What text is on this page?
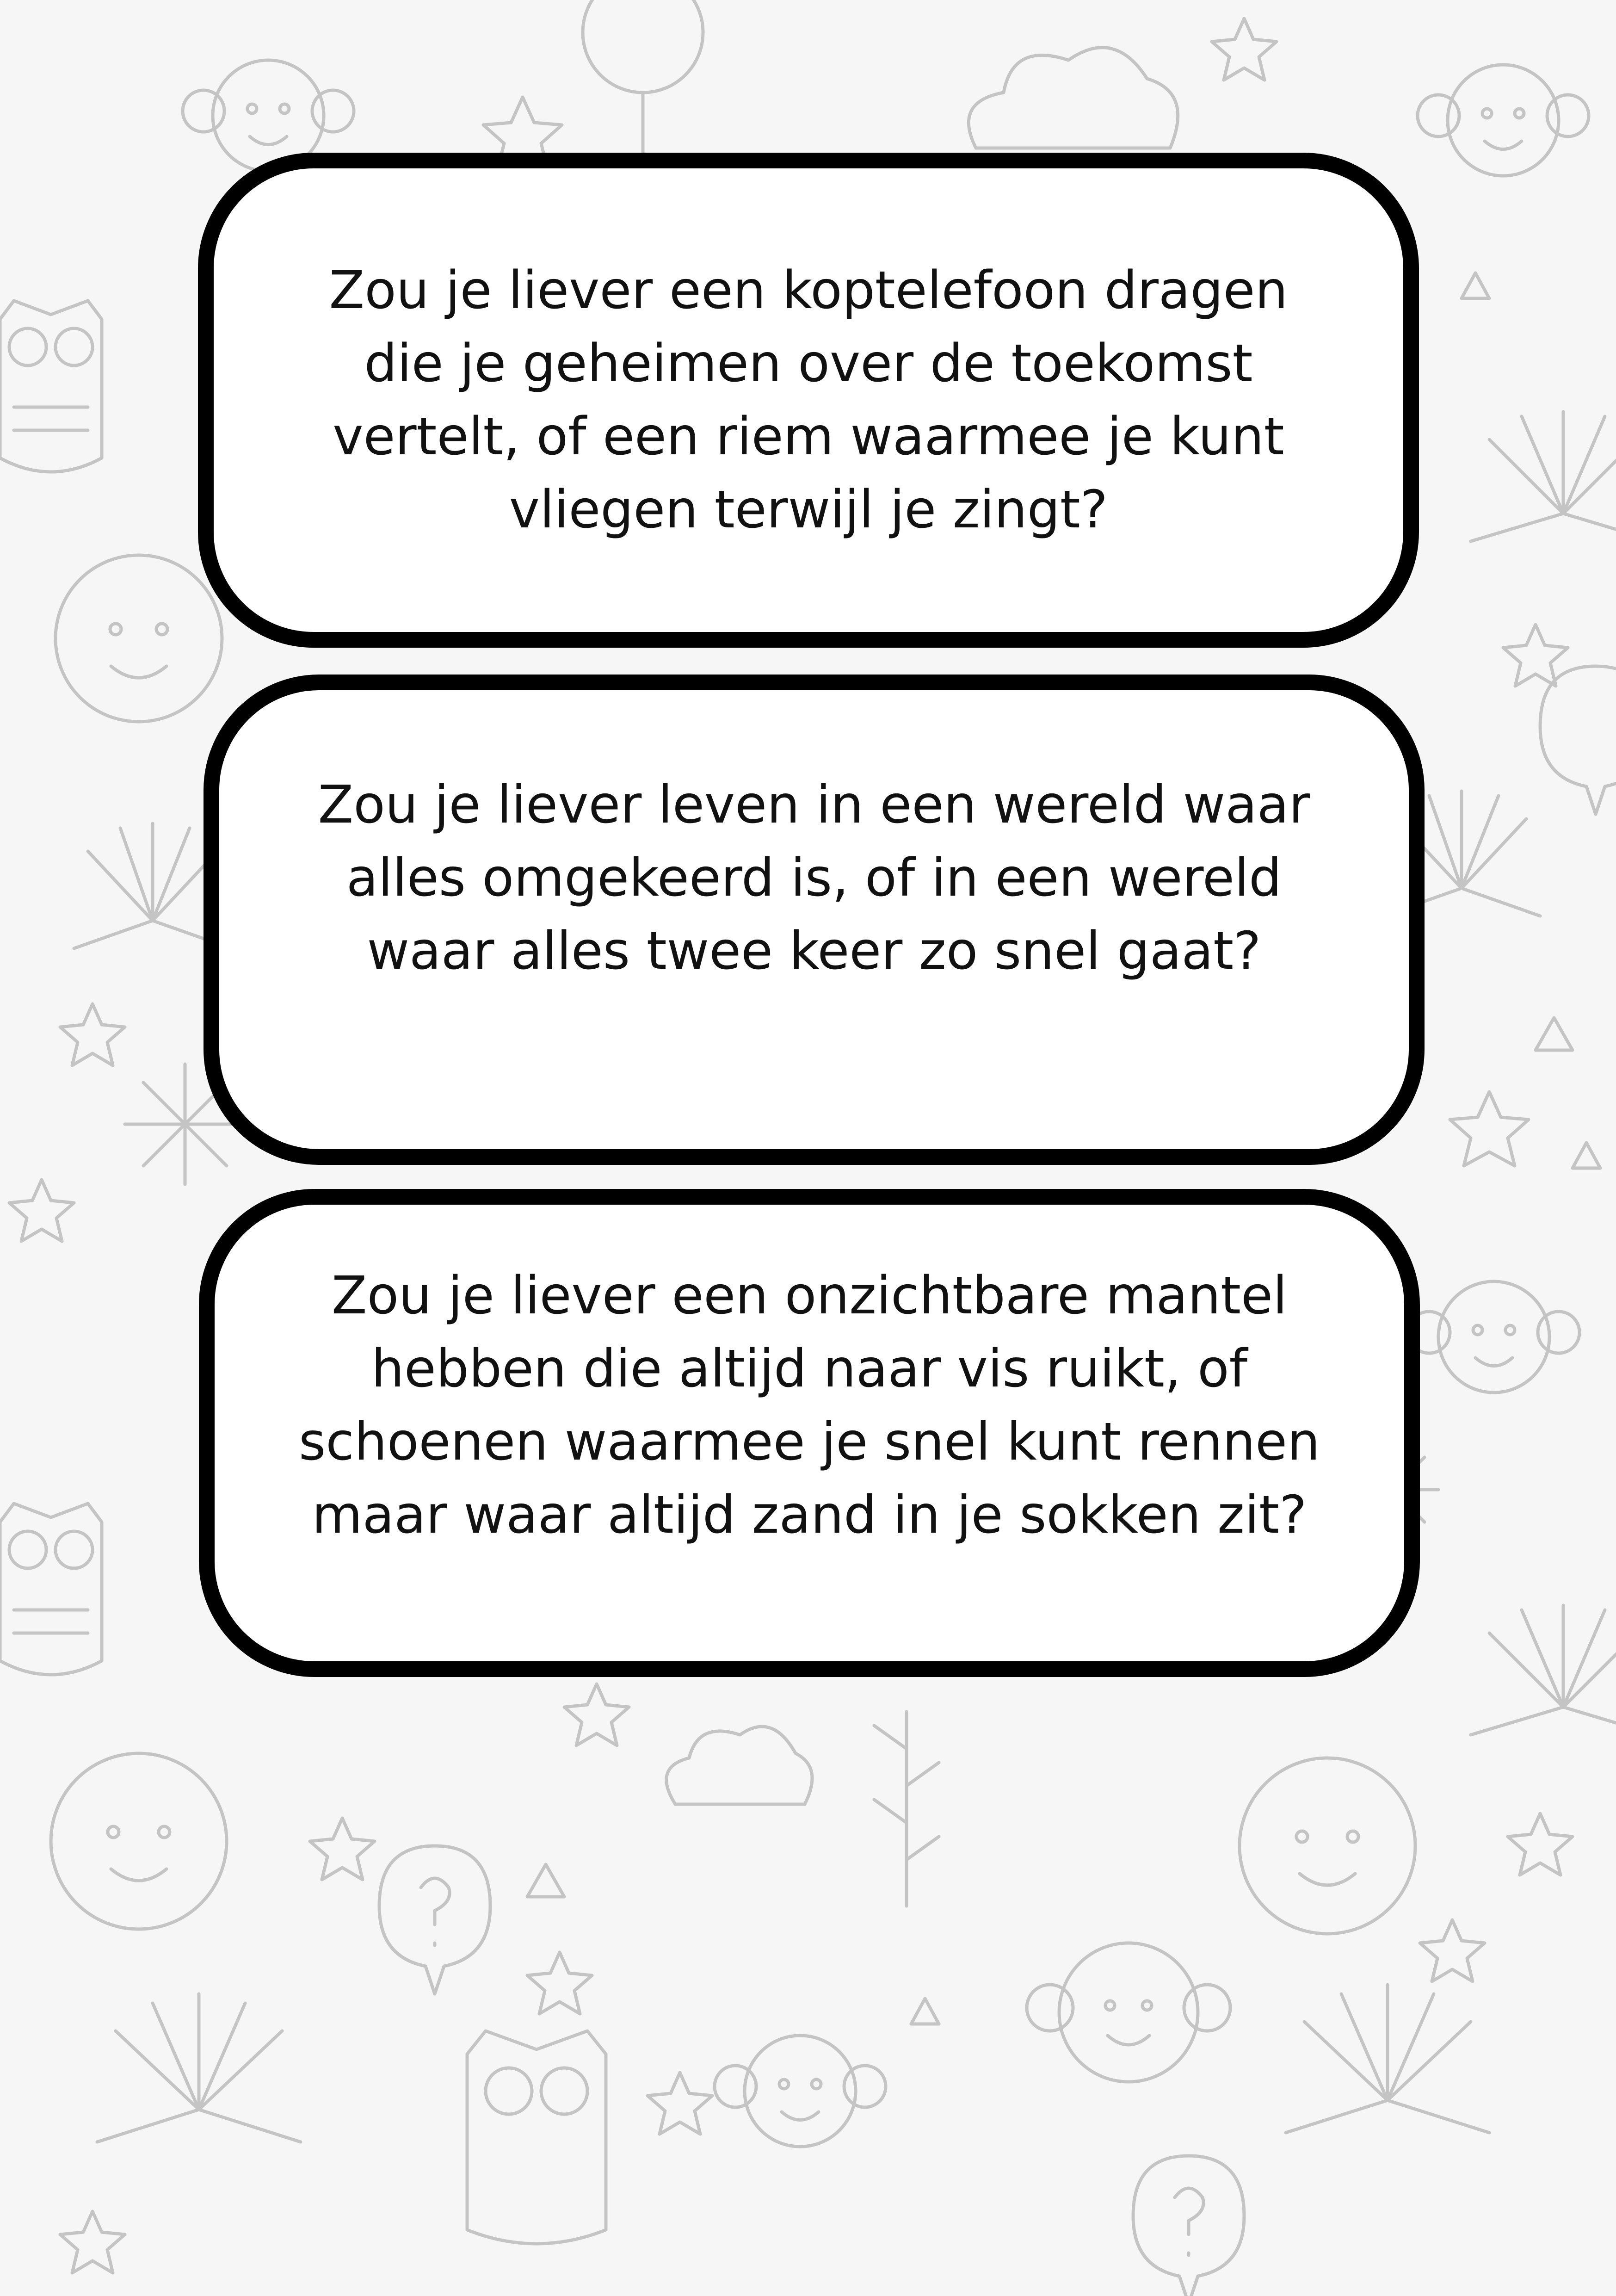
Zou je liever een koptelefoon dragen die je geheimen over de toekomst vertelt, of een riem waarmee je kunt vliegen terwijl je zingt?

Zou je liever leven in een wereld waar alles omgekeerd is, of in een wereld waar alles twee keer zo snel gaat?

Zou je liever een onzichtbare mantel hebben die altijd naar vis ruikt, of schoenen waarmee je snel kunt rennen maar waar altijd zand in je sokken zit?
